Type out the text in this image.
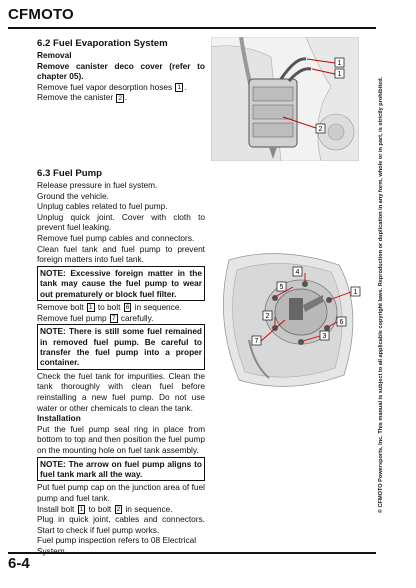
CFMOTO

6.2 Fuel Evaporation System

Removal

Remove canister deco cover (refer to chapter 05).

Remove fuel vapor desorption hoses 1 .

Remove the canister 2 .

6.3 Fuel Pump

Release pressure in fuel system.

Ground the vehicle.

Unplug cables related to fuel pump.

Unplug quick joint. Cover with cloth to prevent fuel leaking.

Remove fuel pump cables and connectors.

Clean fuel tank and fuel pump to prevent foreign matters into fuel tank.

NOTE: Excessive foreign matter in the tank may cause the fuel pump to wear out prematurely or block fuel filter.

Remove bolt 1 to bolt 6 in sequence.

Remove fuel pump 7 carefully.

NOTE: There is still some fuel remained in removed fuel pump. Be careful to transfer the fuel pump into a proper container.

Check the fuel tank for impurities. Clean the tank thoroughly with clean fuel before reinstalling a new fuel pump. Do not use water or other chemicals to clean the tank.

Installation

Put the fuel pump seal ring in place from bottom to top and then position the fuel pump on the mounting hole on fuel tank assembly.

NOTE: The arrow on fuel pump aligns to fuel tank mark all the way.

Put fuel pump cap on the junction area of fuel pump and fuel tank.

Install bolt 1 to bolt 2 in sequence.

Plug in quick joint, cables and connectors. Start to check if fuel pump works.

Fuel pump inspection refers to 08 Electrical System.

1
1
2
4
5
1
2
6
3
7	© CFMOTO Powersports, Inc. This manual is subject to all applicable copyright laws. Reproduction or duplication in any form, whole or in part, is strictly prohibited.
6-4
